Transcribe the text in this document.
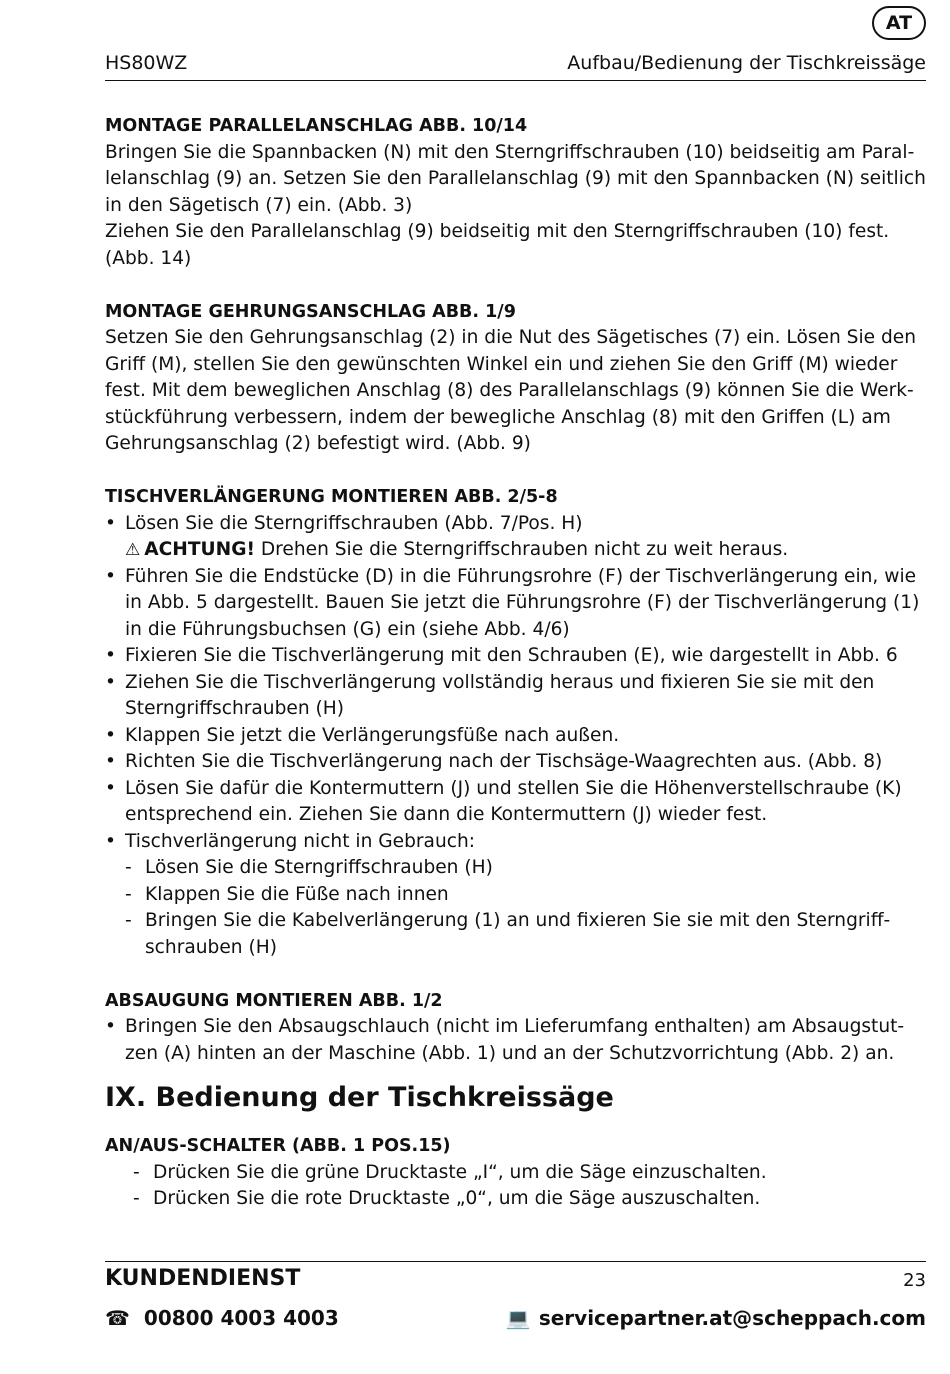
AT
HS80WZ	Aufbau/Bedienung der Tischkreissäge
MONTAGE PARALLELANSCHLAG ABB. 10/14

Bringen Sie die Spannbacken (N) mit den Sterngriffschrauben (10) beidseitig am Parallelanschlag (9) an. Setzen Sie den Parallelanschlag (9) mit den Spannbacken (N) seitlich in den Sägetisch (7) ein. (Abb. 3)

Ziehen Sie den Parallelanschlag (9) beidseitig mit den Sterngriffschrauben (10) fest. (Abb. 14)

MONTAGE GEHRUNGSANSCHLAG ABB. 1/9

Setzen Sie den Gehrungsanschlag (2) in die Nut des Sägetisches (7) ein. Lösen Sie den Griff (M), stellen Sie den gewünschten Winkel ein und ziehen Sie den Griff (M) wieder fest. Mit dem beweglichen Anschlag (8) des Parallelanschlags (9) können Sie die Werkstückführung verbessern, indem der bewegliche Anschlag (8) mit den Griffen (L) am Gehrungsanschlag (2) befestigt wird. (Abb. 9)

TISCHVERLÄNGERUNG MONTIEREN ABB. 2/5-8
• Lösen Sie die Sterngriffschrauben (Abb. 7/Pos. H)
⚠ ACHTUNG! Drehen Sie die Sterngriffschrauben nicht zu weit heraus.
• Führen Sie die Endstücke (D) in die Führungsrohre (F) der Tischverlängerung ein, wie in Abb. 5 dargestellt. Bauen Sie jetzt die Führungsrohre (F) der Tischverlängerung (1) in die Führungsbuchsen (G) ein (siehe Abb. 4/6)
• Fixieren Sie die Tischverlängerung mit den Schrauben (E), wie dargestellt in Abb. 6
• Ziehen Sie die Tischverlängerung vollständig heraus und fixieren Sie sie mit den Sterngriffschrauben (H)
• Klappen Sie jetzt die Verlängerungsfüße nach außen.
• Richten Sie die Tischverlängerung nach der Tischsäge-Waagrechten aus. (Abb. 8)
• Lösen Sie dafür die Kontermuttern (J) und stellen Sie die Höhenverstellschraube (K) entsprechend ein. Ziehen Sie dann die Kontermuttern (J) wieder fest.
• Tischverlängerung nicht in Gebrauch:
- Lösen Sie die Sterngriffschrauben (H)
- Klappen Sie die Füße nach innen
- Bringen Sie die Kabelverlängerung (1) an und fixieren Sie sie mit den Sterngriffschrauben (H)
ABSAUGUNG MONTIEREN ABB. 1/2
• Bringen Sie den Absaugschlauch (nicht im Lieferumfang enthalten) am Absaugstutzen (A) hinten an der Maschine (Abb. 1) und an der Schutzvorrichtung (Abb. 2) an.
IX. Bedienung der Tischkreissäge
AN/AUS-SCHALTER (ABB. 1 POS.15)
- Drücken Sie die grüne Drucktaste „I“, um die Säge einzuschalten.
- Drücken Sie die rote Drucktaste „0“, um die Säge auszuschalten.
KUNDENDIENST	23
☎ 00800 4003 4003	💻 servicepartner.at@scheppach.com
